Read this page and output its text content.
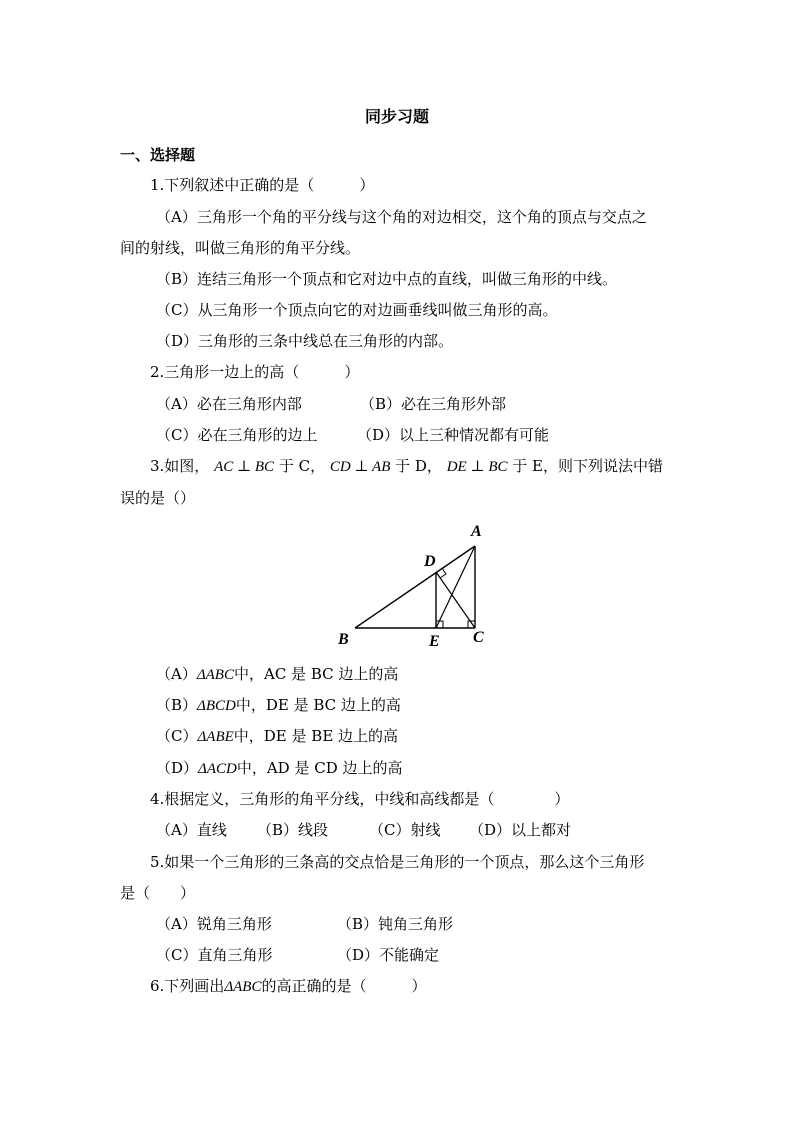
同步习题
一、选择题
1.下列叙述中正确的是（　　　）
（A）三角形一个角的平分线与这个角的对边相交，这个角的顶点与交点之
间的射线，叫做三角形的角平分线。
（B）连结三角形一个顶点和它对边中点的直线，叫做三角形的中线。
（C）从三角形一个顶点向它的对边画垂线叫做三角形的高。
（D）三角形的三条中线总在三角形的内部。
2.三角形一边上的高（　　　）
（A）必在三角形内部	（B）必在三角形外部
（C）必在三角形的边上	（D）以上三种情况都有可能
3.如图， AC ⊥ BC 于 C， CD ⊥ AB 于 D， DE ⊥ BC 于 E，则下列说法中错
误的是（）
A
B	C
D
E
（A）ΔABC中，AC 是 BC 边上的高
（B）ΔBCD中，DE 是 BC 边上的高
（C）ΔABE中，DE 是 BE 边上的高
（D）ΔACD中，AD 是 CD 边上的高
4.根据定义，三角形的角平分线，中线和高线都是（　　　　）
（A）直线 （B）线段	（C）射线 （D）以上都对
5.如果一个三角形的三条高的交点恰是三角形的一个顶点，那么这个三角形
是（　　）
（A）锐角三角形	（B）钝角三角形
（C）直角三角形	（D）不能确定
6.下列画出ΔABC的高正确的是（　　　）
